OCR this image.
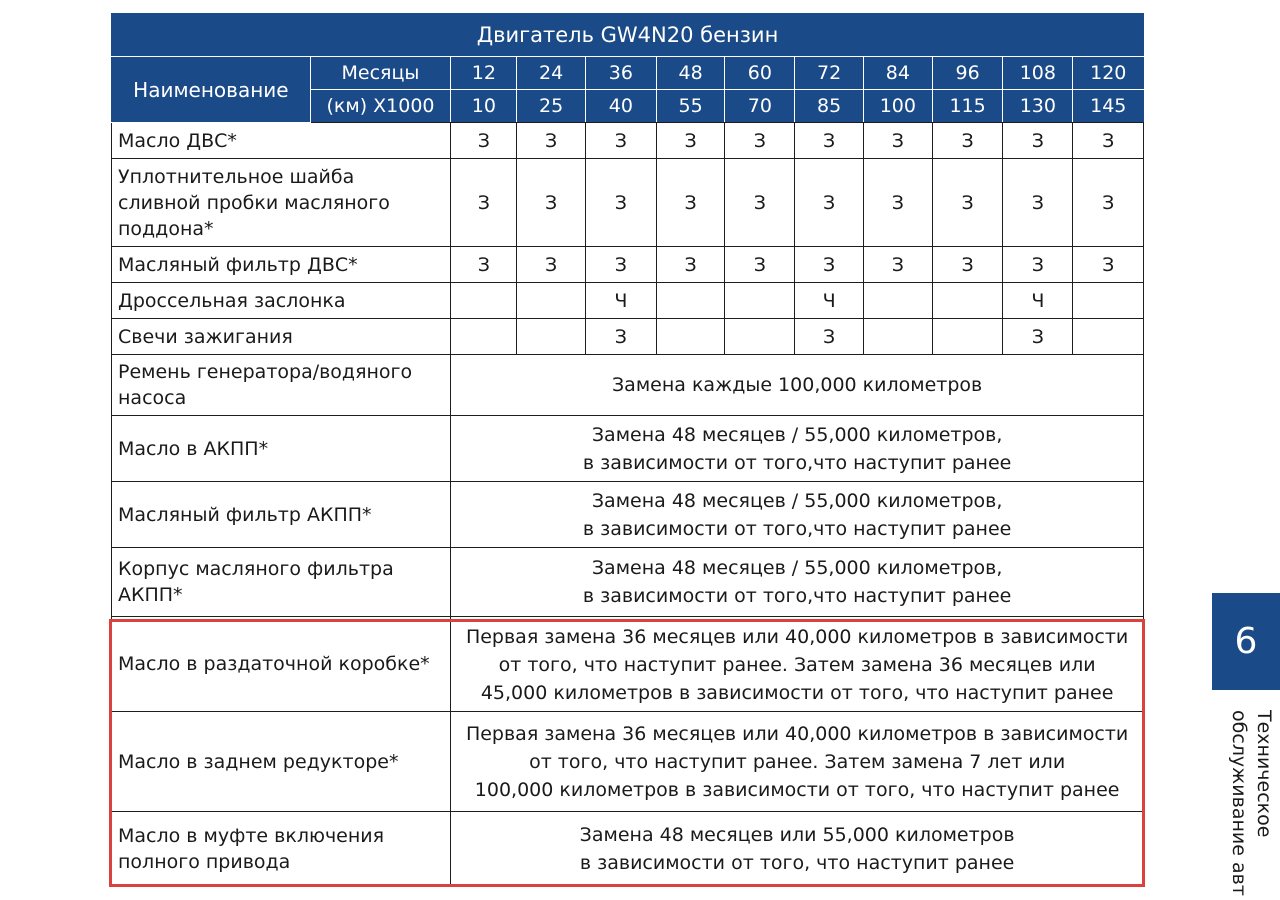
Двигатель GW4N20 бензин											
Наименование	Месяцы	12	24	36	48	60	72	84	96	108	120
	(км) X1000	10	25	40	55	70	85	100	115	130	145
Масло ДВС*		З	З	З	З	З	З	З	З	З	З
Уплотнительное шайба сливной пробки масляного поддона*		З	З	З	З	З	З	З	З	З	З
Масляный фильтр ДВС*		З	З	З	З	З	З	З	З	З	З
Дроссельная заслонка				Ч			Ч			Ч	
Свечи зажигания				З			З			З	
Ремень генератора/водяного насоса		Замена каждые 100,000 километров									
Масло в АКПП*		Замена 48 месяцев / 55,000 километров,
в зависимости от того,что наступит ранее									

Масляный фильтр АКПП*		Замена 48 месяцев / 55,000 километров,
в зависимости от того,что наступит ранее									

Корпус масляного фильтра АКПП*		Замена 48 месяцев / 55,000 километров,
в зависимости от того,что наступит ранее									

Масло в раздаточной коробке*		Первая замена 36 месяцев или 40,000 километров в зависимости
от того, что наступит ранее. Затем замена 36 месяцев или
45,000 километров в зависимости от того, что наступит ранее									

Масло в заднем редукторе*		Первая замена 36 месяцев или 40,000 километров в зависимости
от того, что наступит ранее. Затем замена 7 лет или
100,000 километров в зависимости от того, что наступит ранее									

Масло в муфте включения полного привода		Замена 48 месяцев или 55,000 километров
в зависимости от того, что наступит ранее									
6
Техническое
обслуживание авт
